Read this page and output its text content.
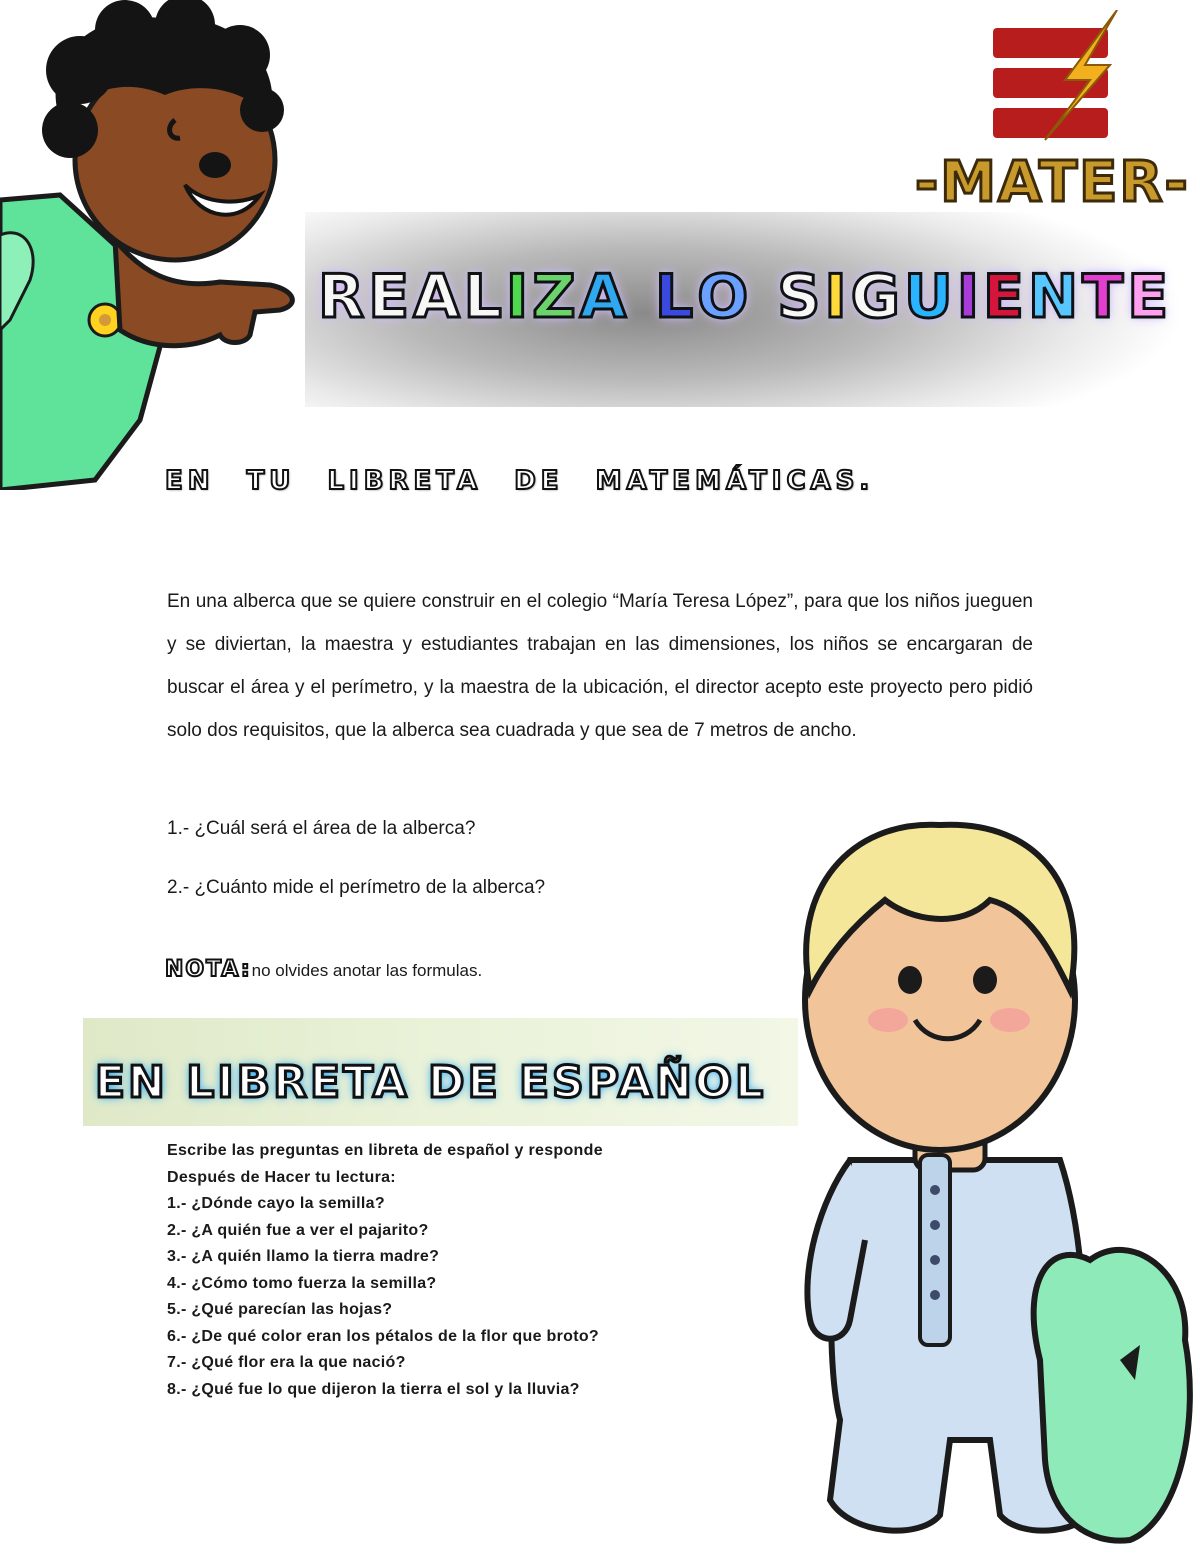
REALIZA LO SIGUIENTE
-MATER-
EN TU LIBRETA DE MATEMÁTICAS.

En una alberca que se quiere construir en el colegio “María Teresa López”, para que los niños jueguen y se diviertan, la maestra y estudiantes trabajan en las dimensiones, los niños se encargaran de buscar el área y el perímetro, y la maestra de la ubicación, el director acepto este proyecto pero pidió solo dos requisitos, que la alberca sea cuadrada y que sea de 7 metros de ancho.

1.- ¿Cuál será el área de la alberca?

2.- ¿Cuánto mide el perímetro de la alberca?

NOTA:no olvides anotar las formulas.
EN LIBRETA DE ESPAÑOL
Escribe las preguntas en libreta de español y responde
Después de Hacer tu lectura:
1.- ¿Dónde cayo la semilla?
2.- ¿A quién fue a ver el pajarito?
3.- ¿A quién llamo la tierra madre?
4.- ¿Cómo tomo fuerza la semilla?
5.- ¿Qué parecían las hojas?
6.- ¿De qué color eran los pétalos de la flor que broto?
7.- ¿Qué flor era la que nació?
8.- ¿Qué fue lo que dijeron la tierra el sol y la lluvia?
